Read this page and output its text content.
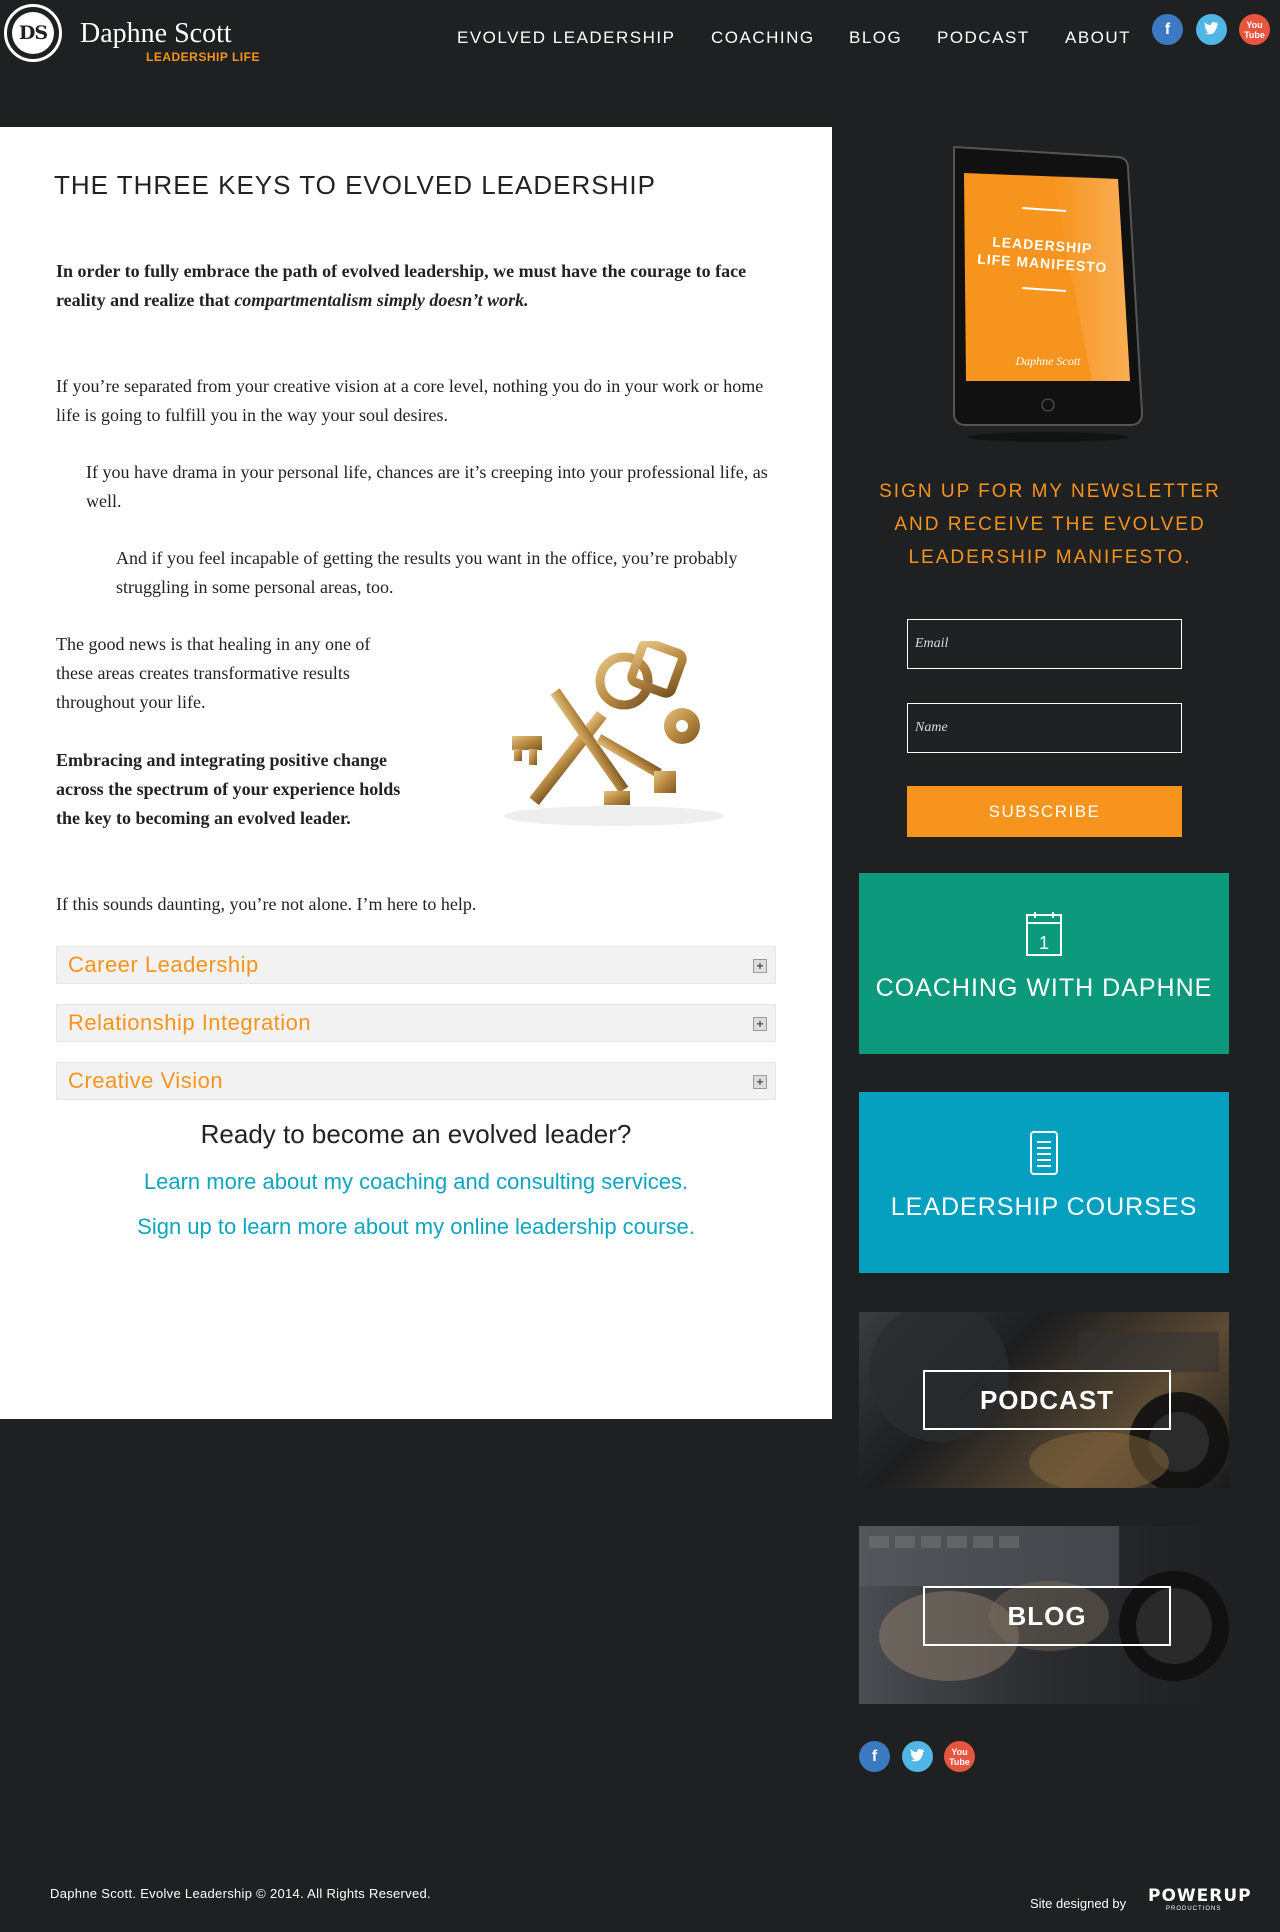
DS Daphne Scott
LEADERSHIP LIFE
EVOLVED LEADERSHIP COACHING BLOG PODCAST ABOUT	f	You Tube
THE THREE KEYS TO EVOLVED LEADERSHIP

In order to fully embrace the path of evolved leadership, we must have the courage to face reality and realize that compartmentalism simply doesn’t work.

If you’re separated from your creative vision at a core level, nothing you do in your work or home life is going to fulfill you in the way your soul desires.

If you have drama in your personal life, chances are it’s creeping into your professional life, as well.

And if you feel incapable of getting the results you want in the office, you’re probably struggling in some personal areas, too.

The good news is that healing in any one of these areas creates transformative results throughout your life.

Embracing and integrating positive change across the spectrum of your experience holds the key to becoming an evolved leader.

If this sounds daunting, you’re not alone. I’m here to help.

Career Leadership	+
Relationship Integration	+
Creative Vision	+
Ready to become an evolved leader?
Learn more about my coaching and consulting services.
Sign up to learn more about my online leadership course.
LEADERSHIP
LIFE MANIFESTO
Daphne Scott
SIGN UP FOR MY NEWSLETTER AND RECEIVE THE EVOLVED LEADERSHIP MANIFESTO.
Email
Name
SUBSCRIBE
1
COACHING WITH DAPHNE
LEADERSHIP COURSES
PODCAST
BLOG
f	You Tube
Daphne Scott. Evolve Leadership © 2014. All Rights Reserved.
Site designed by POWERUP
PRODUCTIONS
